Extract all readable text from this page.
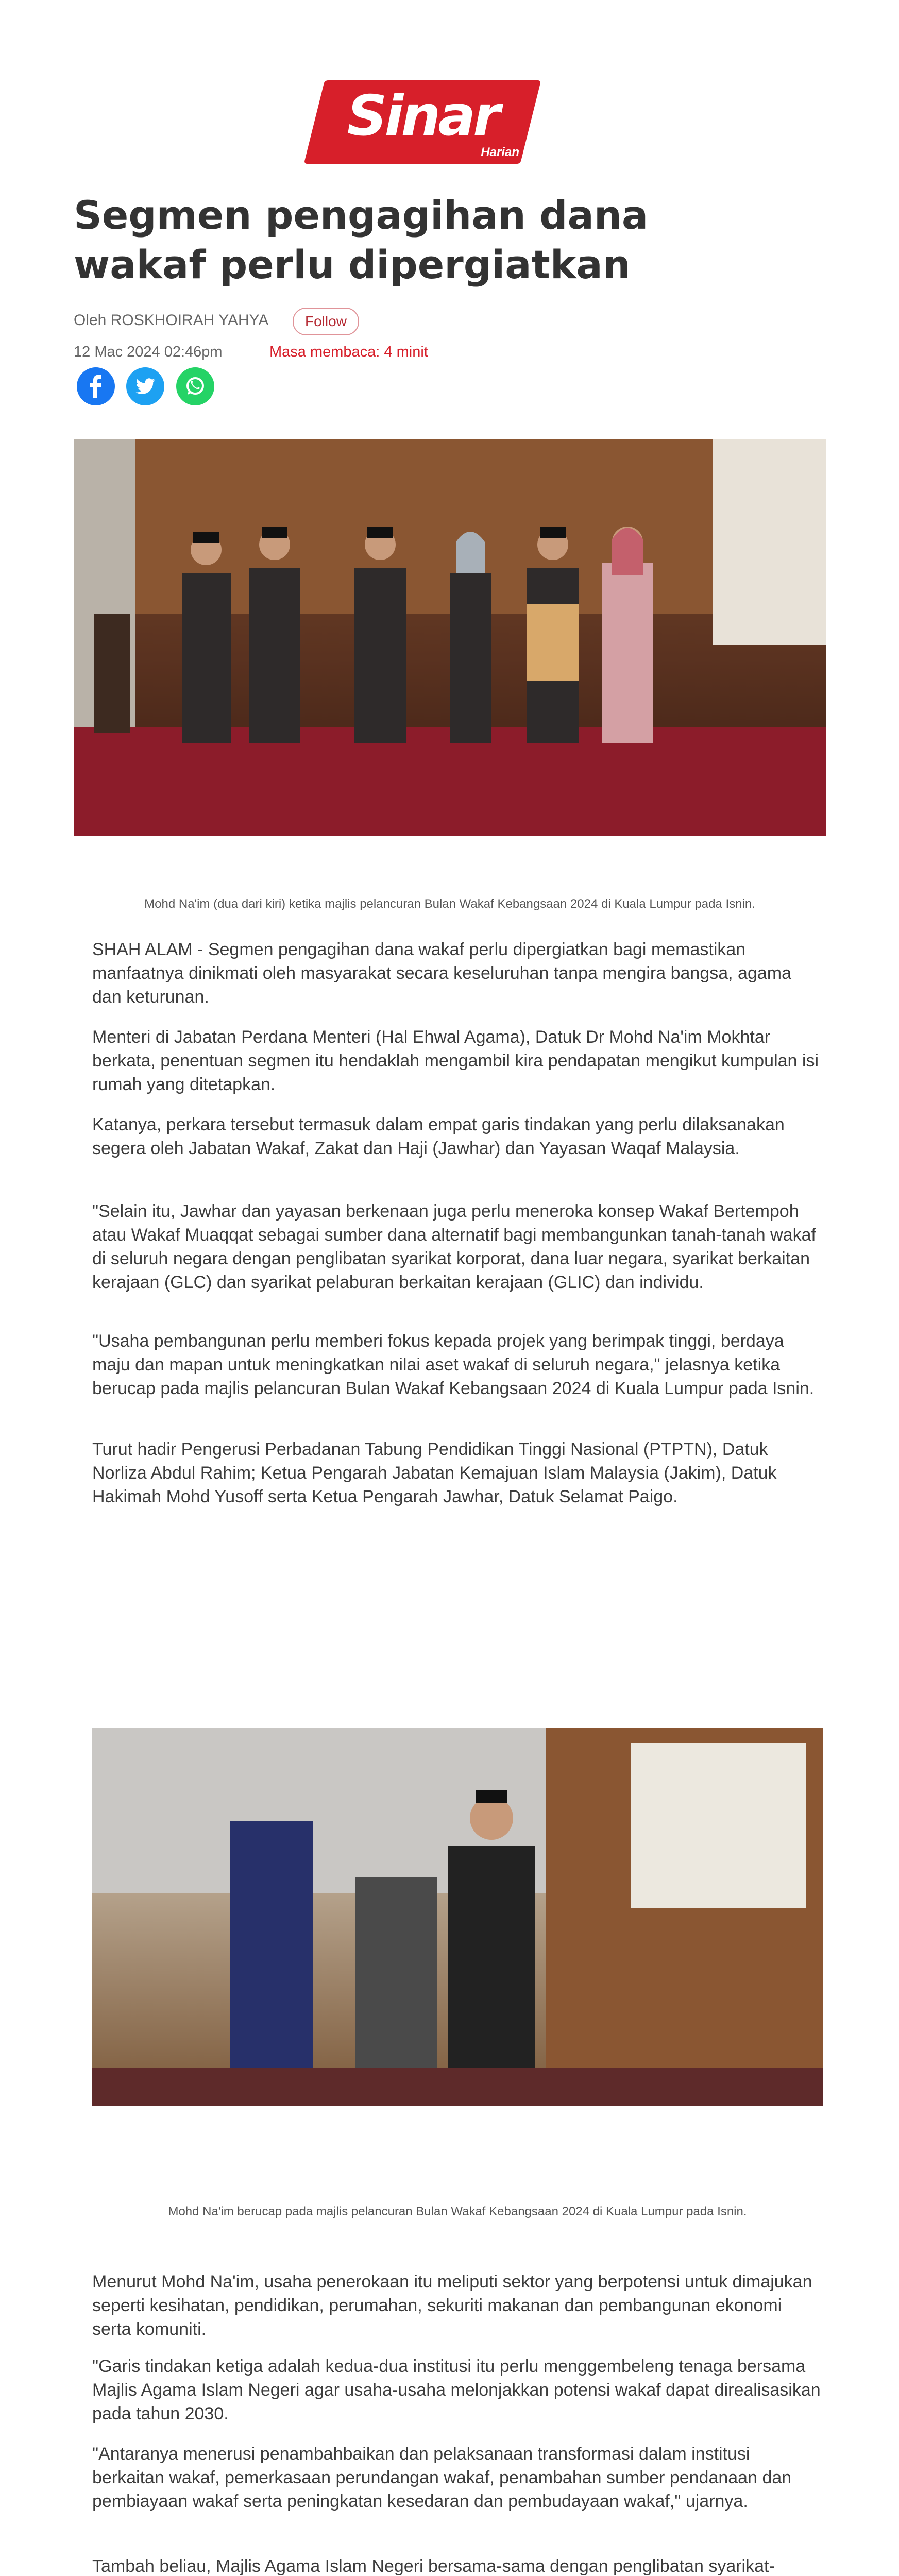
Sinar
Harian
Segmen pengagihan dana wakaf perlu dipergiatkan
Oleh ROSKHOIRAH YAHYA	Follow
12 Mac 2024 02:46pm	Masa membaca: 4 minit
Mohd Na'im (dua dari kiri) ketika majlis pelancuran Bulan Wakaf Kebangsaan 2024 di Kuala Lumpur pada Isnin.

SHAH ALAM - Segmen pengagihan dana wakaf perlu dipergiatkan bagi memastikan manfaatnya dinikmati oleh masyarakat secara keseluruhan tanpa mengira bangsa, agama dan keturunan.

Menteri di Jabatan Perdana Menteri (Hal Ehwal Agama), Datuk Dr Mohd Na'im Mokhtar berkata, penentuan segmen itu hendaklah mengambil kira pendapatan mengikut kumpulan isi rumah yang ditetapkan.

Katanya, perkara tersebut termasuk dalam empat garis tindakan yang perlu dilaksanakan segera oleh Jabatan Wakaf, Zakat dan Haji (Jawhar) dan Yayasan Waqaf Malaysia.

"Selain itu, Jawhar dan yayasan berkenaan juga perlu meneroka konsep Wakaf Bertempoh atau Wakaf Muaqqat sebagai sumber dana alternatif bagi membangunkan tanah-tanah wakaf di seluruh negara dengan penglibatan syarikat korporat, dana luar negara, syarikat berkaitan kerajaan (GLC) dan syarikat pelaburan berkaitan kerajaan (GLIC) dan individu.

"Usaha pembangunan perlu memberi fokus kepada projek yang berimpak tinggi, berdaya maju dan mapan untuk meningkatkan nilai aset wakaf di seluruh negara," jelasnya ketika berucap pada majlis pelancuran Bulan Wakaf Kebangsaan 2024 di Kuala Lumpur pada Isnin.

Turut hadir Pengerusi Perbadanan Tabung Pendidikan Tinggi Nasional (PTPTN), Datuk Norliza Abdul Rahim; Ketua Pengarah Jabatan Kemajuan Islam Malaysia (Jakim), Datuk Hakimah Mohd Yusoff serta Ketua Pengarah Jawhar, Datuk Selamat Paigo.

Mohd Na'im berucap pada majlis pelancuran Bulan Wakaf Kebangsaan 2024 di Kuala Lumpur pada Isnin.

Menurut Mohd Na'im, usaha penerokaan itu meliputi sektor yang berpotensi untuk dimajukan seperti kesihatan, pendidikan, perumahan, sekuriti makanan dan pembangunan ekonomi serta komuniti.

"Garis tindakan ketiga adalah kedua-dua institusi itu perlu menggembeleng tenaga bersama Majlis Agama Islam Negeri agar usaha-usaha melonjakkan potensi wakaf dapat direalisasikan pada tahun 2030.

"Antaranya menerusi penambahbaikan dan pelaksanaan transformasi dalam institusi berkaitan wakaf, pemerkasaan perundangan wakaf, penambahan sumber pendanaan dan pembiayaan wakaf serta peningkatan kesedaran dan pembudayaan wakaf," ujarnya.

Tambah beliau, Majlis Agama Islam Negeri bersama-sama dengan penglibatan syarikat-
